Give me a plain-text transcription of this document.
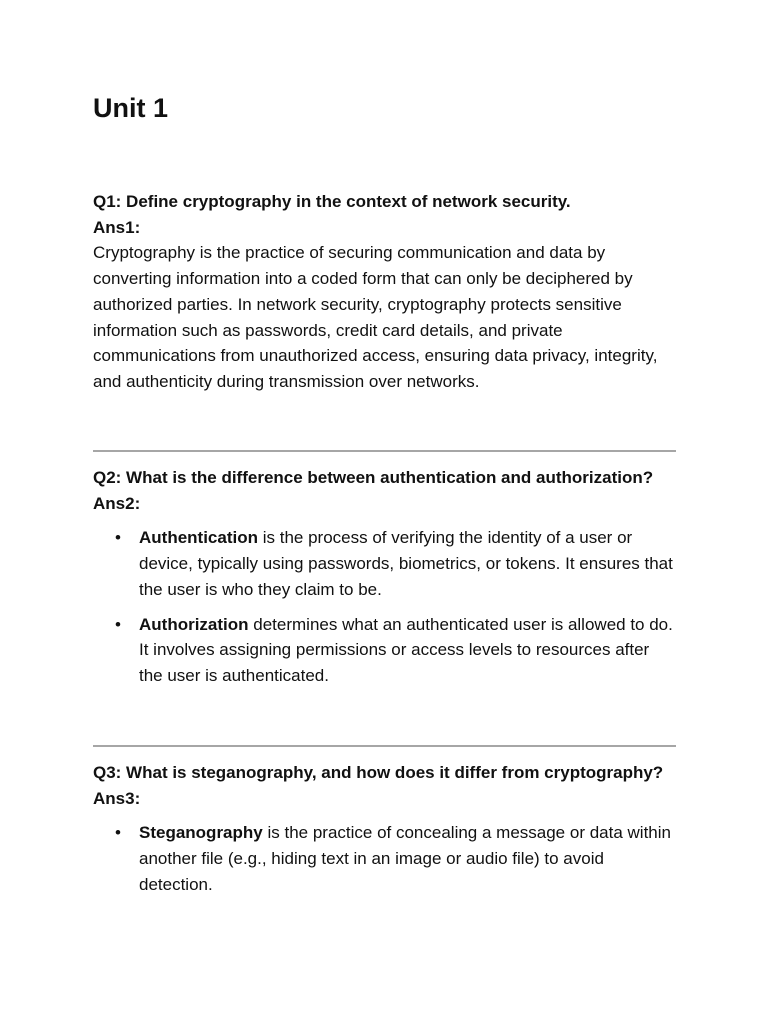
Unit 1

Q1: Define cryptography in the context of network security.

Ans1:

Cryptography is the practice of securing communication and data by converting information into a coded form that can only be deciphered by authorized parties. In network security, cryptography protects sensitive information such as passwords, credit card details, and private communications from unauthorized access, ensuring data privacy, integrity, and authenticity during transmission over networks.

Q2: What is the difference between authentication and authorization?

Ans2:

• Authentication is the process of verifying the identity of a user or device, typically using passwords, biometrics, or tokens. It ensures that the user is who they claim to be.
• Authorization determines what an authenticated user is allowed to do. It involves assigning permissions or access levels to resources after the user is authenticated.

Q3: What is steganography, and how does it differ from cryptography?

Ans3:

• Steganography is the practice of concealing a message or data within another file (e.g., hiding text in an image or audio file) to avoid detection.
